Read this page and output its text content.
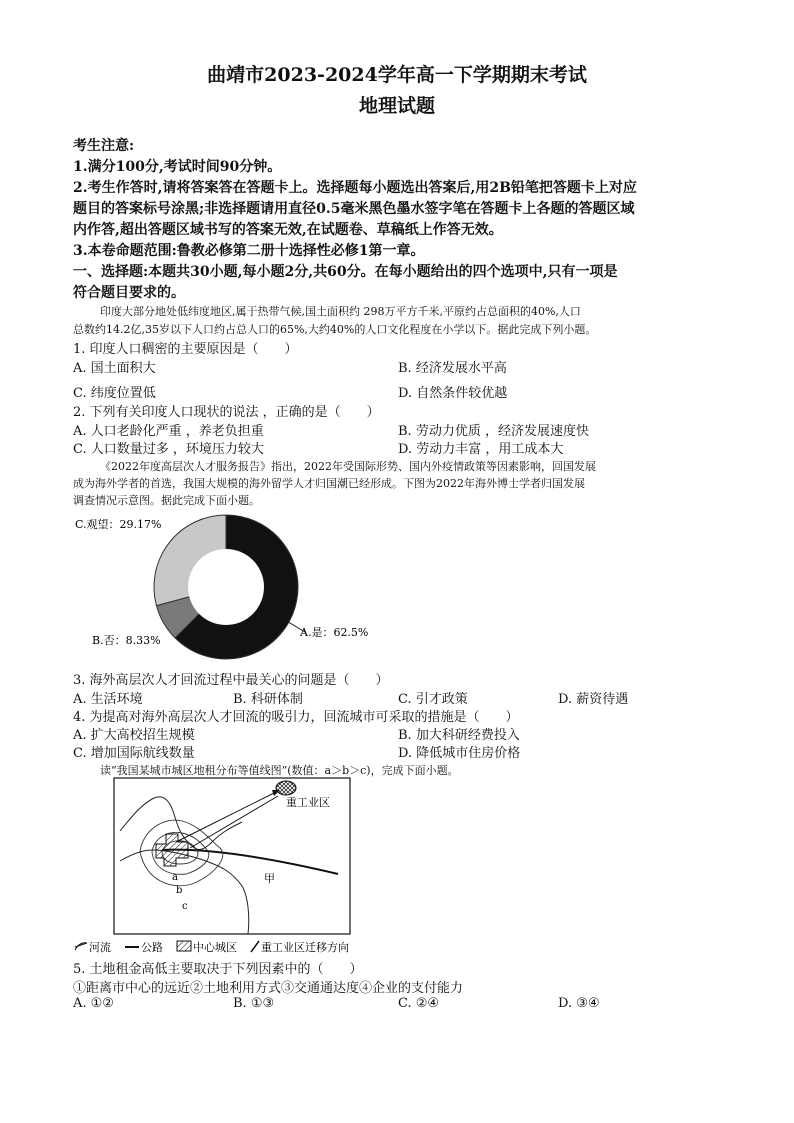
曲靖市2023-2024学年高一下学期期末考试
地理试题
考生注意:
1.满分100分,考试时间90分钟。
2.考生作答时,请将答案答在答题卡上。选择题每小题选出答案后,用2B铅笔把答题卡上对应
题目的答案标号涂黑;非选择题请用直径0.5毫米黑色墨水签字笔在答题卡上各题的答题区域
内作答,超出答题区域书写的答案无效,在试题卷、草稿纸上作答无效。
3.本卷命题范围:鲁教必修第二册十选择性必修1第一章。
一、选择题:本题共30小题,每小题2分,共60分。在每小题给出的四个选项中,只有一项是
符合题目要求的。
印度大部分地处低纬度地区,属于热带气候,国土面积约 298万平方千米,平原约占总面积的40%,人口
总数约14.2亿,35岁以下人口约占总人口的65%,大约40%的人口文化程度在小学以下。据此完成下列小题。
1. 印度人口稠密的主要原因是（　　）
A. 国土面积大	B. 经济发展水平高
C. 纬度位置低	D. 自然条件较优越
2. 下列有关印度人口现状的说法 ，正确的是（　　）
A. 人口老龄化严重 ，养老负担重	B. 劳动力优质 ，经济发展速度快
C. 人口数量过多 ，环境压力较大	D. 劳动力丰富 ，用工成本大
《2022年度高层次人才服务报告》指出，2022年受国际形势、国内外疫情政策等因素影响，回国发展
成为海外学者的首选，我国大规模的海外留学人才归国潮已经形成。下图为2022年海外博士学者归国发展
调查情况示意图。据此完成下面小题。
C.观望：29.17%
B.否：8.33%
A.是：62.5%
3. 海外高层次人才回流过程中最关心的问题是（　　）
A. 生活环境	B. 科研体制	C. 引才政策	D. 薪资待遇
4. 为提高对海外高层次人才回流的吸引力，回流城市可采取的措施是（　　）
A. 扩大高校招生规模	B. 加大科研经费投入
C. 增加国际航线数量	D. 降低城市住房价格
读“我国某城市城区地租分布等值线图”(数值：a＞b＞c)，完成下面小题。
重工业区
甲
a
b
c
河流	公路	中心城区 重工业区迁移方向
5. 土地租金高低主要取决于下列因素中的（　　）
①距离市中心的远近②土地利用方式③交通通达度④企业的支付能力
A. ①②	B. ①③	C. ②④	D. ③④
